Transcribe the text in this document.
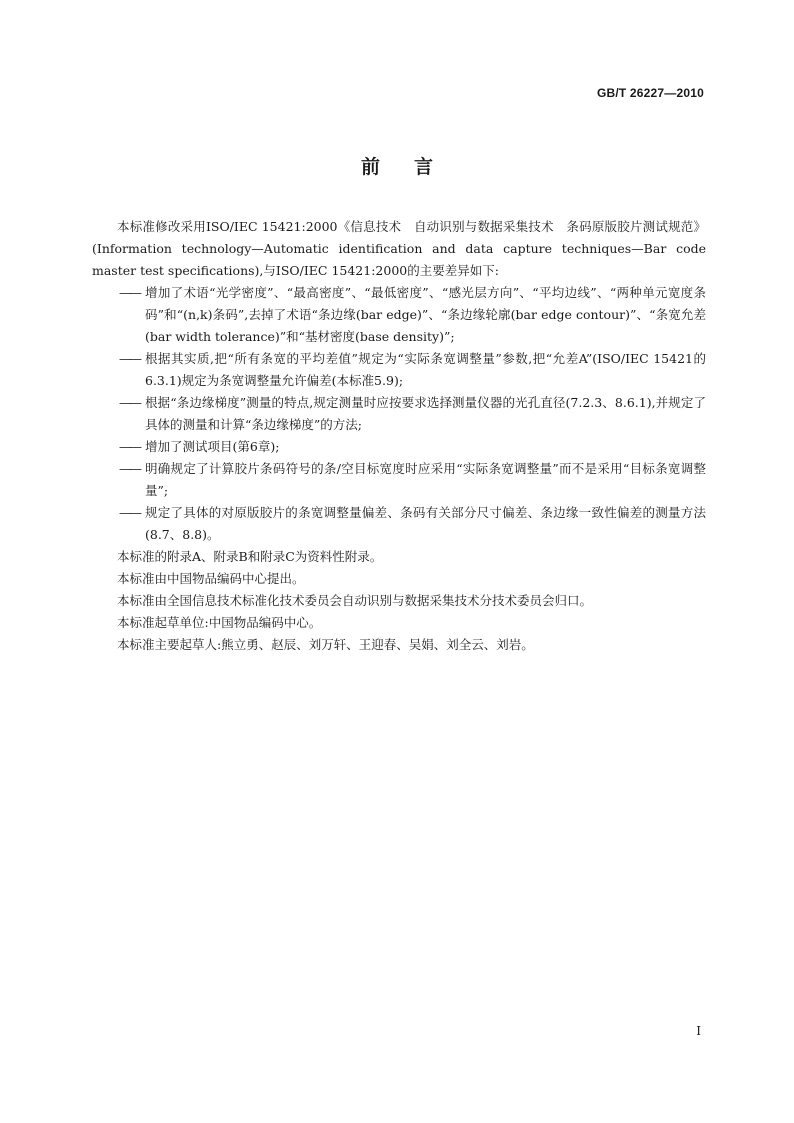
GB/T 26227—2010
前 言

本标准修改采用ISO/IEC 15421:2000《信息技术　自动识别与数据采集技术　条码原版胶片测试规范》(Information technology—Automatic identification and data capture techniques—Bar code master test specifications),与ISO/IEC 15421:2000的主要差异如下:

—— 增加了术语“光学密度”、“最高密度”、“最低密度”、“感光层方向”、“平均边线”、“两种单元宽度条码”和“(n,k)条码”,去掉了术语“条边缘(bar edge)”、“条边缘轮廓(bar edge contour)”、“条宽允差(bar width tolerance)”和“基材密度(base density)”;
—— 根据其实质,把“所有条宽的平均差值”规定为“实际条宽调整量”参数,把“允差A”(ISO/IEC 15421的6.3.1)规定为条宽调整量允许偏差(本标准5.9);
—— 根据“条边缘梯度”测量的特点,规定测量时应按要求选择测量仪器的光孔直径(7.2.3、8.6.1),并规定了具体的测量和计算“条边缘梯度”的方法;
—— 增加了测试项目(第6章);
—— 明确规定了计算胶片条码符号的条/空目标宽度时应采用“实际条宽调整量”而不是采用“目标条宽调整量”;
—— 规定了具体的对原版胶片的条宽调整量偏差、条码有关部分尺寸偏差、条边缘一致性偏差的测量方法(8.7、8.8)。

本标准的附录A、附录B和附录C为资料性附录。

本标准由中国物品编码中心提出。

本标准由全国信息技术标准化技术委员会自动识别与数据采集技术分技术委员会归口。

本标准起草单位:中国物品编码中心。

本标准主要起草人:熊立勇、赵辰、刘万轩、王迎春、吴娟、刘全云、刘岩。

I
